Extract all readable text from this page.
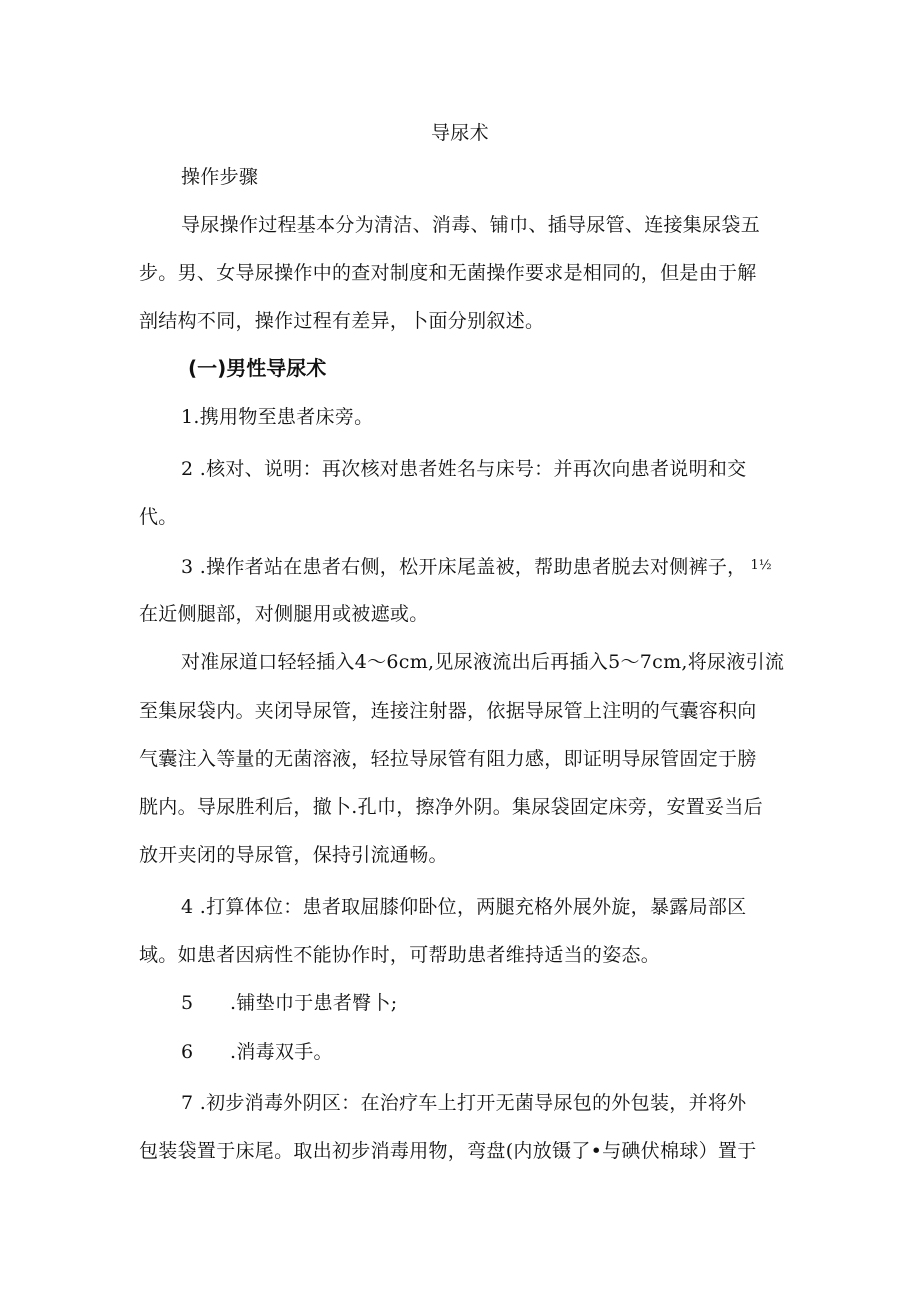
导尿术
操作步骤
导尿操作过程基本分为清洁、消毒、铺巾、插导尿管、连接集尿袋五
步。男、女导尿操作中的查对制度和无菌操作要求是相同的，但是由于解
剖结构不同，操作过程有差异，卜面分别叙述。
(一)男性导尿术
1.携用物至患者床旁。
2 .核对、说明：再次核对患者姓名与床号：并再次向患者说明和交
代。
3 .操作者站在患者右侧，松开床尾盖被，帮助患者脱去对侧裤子， $^{1\frac{1}{2}}$
在近侧腿部，对侧腿用或被遮或。
对准尿道口轻轻插入4～6cm,见尿液流出后再插入5～7cm,将尿液引流
至集尿袋内。夹闭导尿管，连接注射器，依据导尿管上注明的气囊容积向
气囊注入等量的无菌溶液，轻拉导尿管有阻力感，即证明导尿管固定于膀
胱内。导尿胜利后，撤卜.孔巾，擦净外阴。集尿袋固定床旁，安置妥当后
放开夹闭的导尿管，保持引流通畅。
4 .打算体位：患者取屈膝仰卧位，两腿充格外展外旋，暴露局部区
域。如患者因病性不能协作时，可帮助患者维持适当的姿态。
5 .铺垫巾于患者臀卜;
6 .消毒双手。
7 .初步消毒外阴区：在治疗车上打开无菌导尿包的外包装，并将外
包装袋置于床尾。取出初步消毒用物，弯盘(内放镊了•与碘伏棉球）置于
